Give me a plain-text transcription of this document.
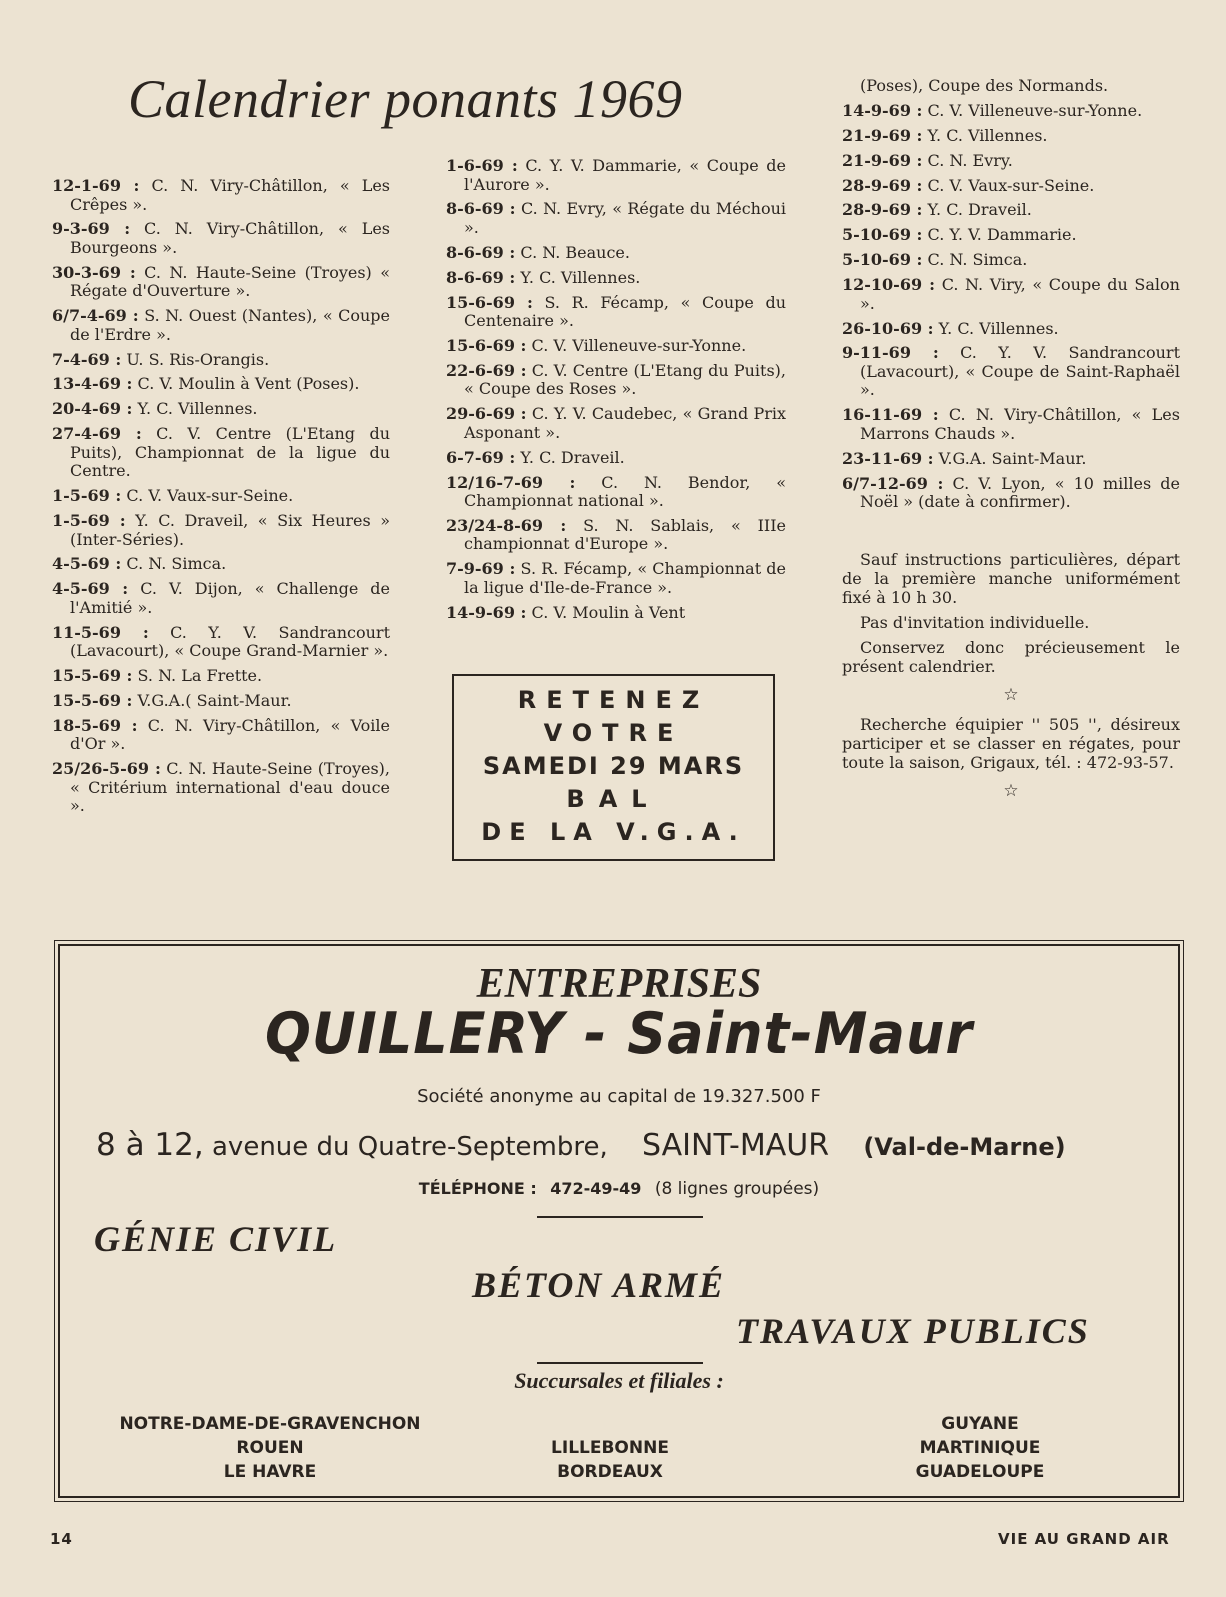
Calendrier ponants 1969
12-1-69 : C. N. Viry-Châtillon, « Les Crêpes ».
9-3-69 : C. N. Viry-Châtillon, « Les Bourgeons ».
30-3-69 : C. N. Haute-Seine (Troyes) « Régate d'Ouverture ».
6/7-4-69 : S. N. Ouest (Nantes), « Coupe de l'Erdre ».
7-4-69 : U. S. Ris-Orangis.
13-4-69 : C. V. Moulin à Vent (Poses).
20-4-69 : Y. C. Villennes.
27-4-69 : C. V. Centre (L'Etang du Puits), Championnat de la ligue du Centre.
1-5-69 : C. V. Vaux-sur-Seine.
1-5-69 : Y. C. Draveil, « Six Heures » (Inter-Séries).
4-5-69 : C. N. Simca.
4-5-69 : C. V. Dijon, « Challenge de l'Amitié ».
11-5-69 : C. Y. V. Sandrancourt (Lavacourt), « Coupe Grand-Marnier ».
15-5-69 : S. N. La Frette.
15-5-69 : V.G.A.( Saint-Maur.
18-5-69 : C. N. Viry-Châtillon, « Voile d'Or ».
25/26-5-69 : C. N. Haute-Seine (Troyes), « Critérium international d'eau douce ».
1-6-69 : C. Y. V. Dammarie, « Coupe de l'Aurore ».
8-6-69 : C. N. Evry, « Régate du Méchoui ».
8-6-69 : C. N. Beauce.
8-6-69 : Y. C. Villennes.
15-6-69 : S. R. Fécamp, « Coupe du Centenaire ».
15-6-69 : C. V. Villeneuve-sur-Yonne.
22-6-69 : C. V. Centre (L'Etang du Puits), « Coupe des Roses ».
29-6-69 : C. Y. V. Caudebec, « Grand Prix Asponant ».
6-7-69 : Y. C. Draveil.
12/16-7-69 : C. N. Bendor, « Championnat national ».
23/24-8-69 : S. N. Sablais, « IIIe championnat d'Europe ».
7-9-69 : S. R. Fécamp, « Championnat de la ligue d'Ile-de-France ».
14-9-69 : C. V. Moulin à Vent
(Poses), Coupe des Normands.
14-9-69 : C. V. Villeneuve-sur-Yonne.
21-9-69 : Y. C. Villennes.
21-9-69 : C. N. Evry.
28-9-69 : C. V. Vaux-sur-Seine.
28-9-69 : Y. C. Draveil.
5-10-69 : C. Y. V. Dammarie.
5-10-69 : C. N. Simca.
12-10-69 : C. N. Viry, « Coupe du Salon ».
26-10-69 : Y. C. Villennes.
9-11-69 : C. Y. V. Sandrancourt (Lavacourt), « Coupe de Saint-Raphaël ».
16-11-69 : C. N. Viry-Châtillon, « Les Marrons Chauds ».
23-11-69 : V.G.A. Saint-Maur.
6/7-12-69 : C. V. Lyon, « 10 milles de Noël » (date à confirmer).

Sauf instructions particulières, départ de la première manche uniformément fixé à 10 h 30.

Pas d'invitation individuelle.

Conservez donc précieusement le présent calendrier.

☆

Recherche équipier '' 505 '', désireux participer et se classer en régates, pour toute la saison, Grigaux, tél. : 472-93-57.

☆
RETENEZ
VOTRE
SAMEDI 29 MARS
BAL
DE LA V.G.A.
ENTREPRISES
QUILLERY - Saint-Maur
Société anonyme au capital de 19.327.500 F
8 à 12, avenue du Quatre-Septembre, SAINT-MAUR (Val-de-Marne)
TÉLÉPHONE : 472-49-49 (8 lignes groupées)
GÉNIE CIVIL
BÉTON ARMÉ
TRAVAUX PUBLICS
Succursales et filiales :
NOTRE-DAME-DE-GRAVENCHON
ROUEN
LE HAVRE
LILLEBONNE
BORDEAUX
GUYANE
MARTINIQUE
GUADELOUPE
14	VIE AU GRAND AIR
